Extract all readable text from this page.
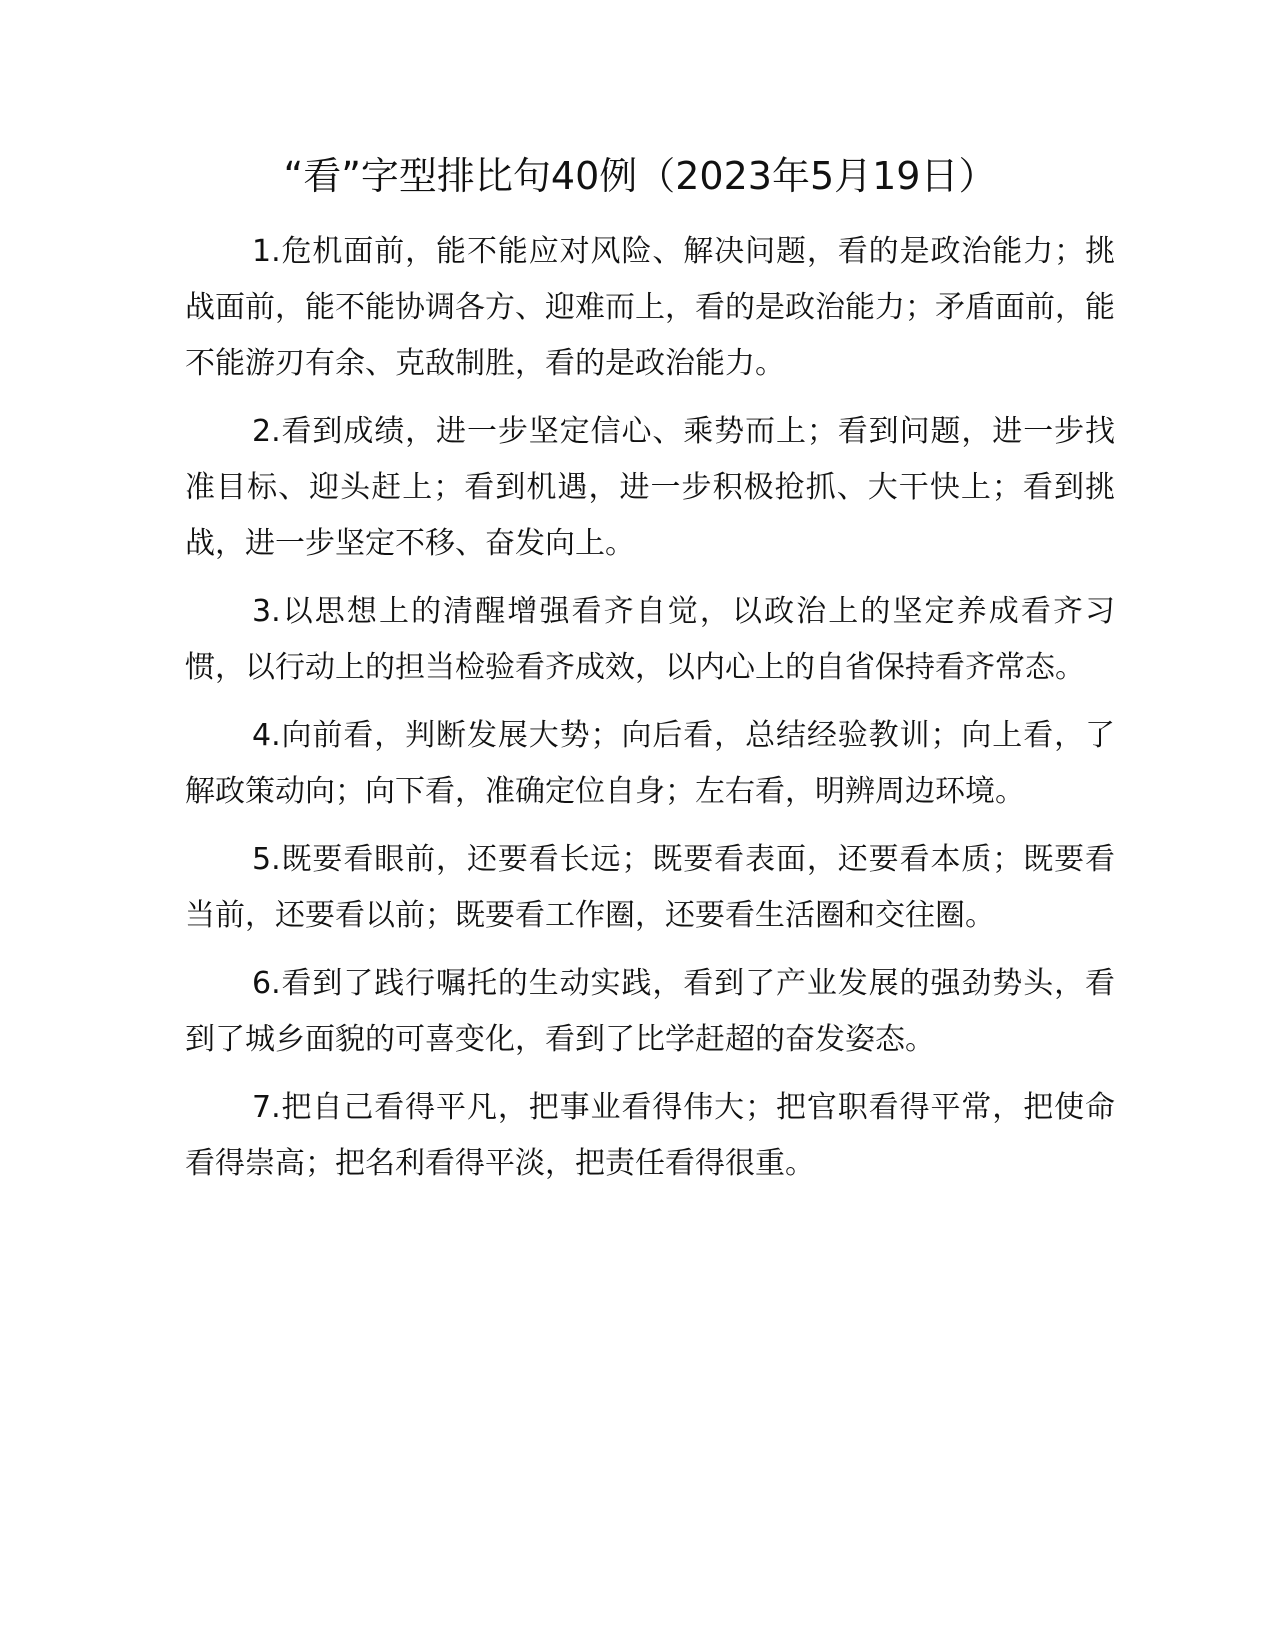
“看”字型排比句40例（2023年5月19日）

1.危机面前，能不能应对风险、解决问题，看的是政治能力；挑战面前，能不能协调各方、迎难而上，看的是政治能力；矛盾面前，能不能游刃有余、克敌制胜，看的是政治能力。

2.看到成绩，进一步坚定信心、乘势而上；看到问题，进一步找准目标、迎头赶上；看到机遇，进一步积极抢抓、大干快上；看到挑战，进一步坚定不移、奋发向上。

3.以思想上的清醒增强看齐自觉，以政治上的坚定养成看齐习惯，以行动上的担当检验看齐成效，以内心上的自省保持看齐常态。

4.向前看，判断发展大势；向后看，总结经验教训；向上看，了解政策动向；向下看，准确定位自身；左右看，明辨周边环境。

5.既要看眼前，还要看长远；既要看表面，还要看本质；既要看当前，还要看以前；既要看工作圈，还要看生活圈和交往圈。

6.看到了践行嘱托的生动实践，看到了产业发展的强劲势头，看到了城乡面貌的可喜变化，看到了比学赶超的奋发姿态。

7.把自己看得平凡，把事业看得伟大；把官职看得平常，把使命看得崇高；把名利看得平淡，把责任看得很重。
